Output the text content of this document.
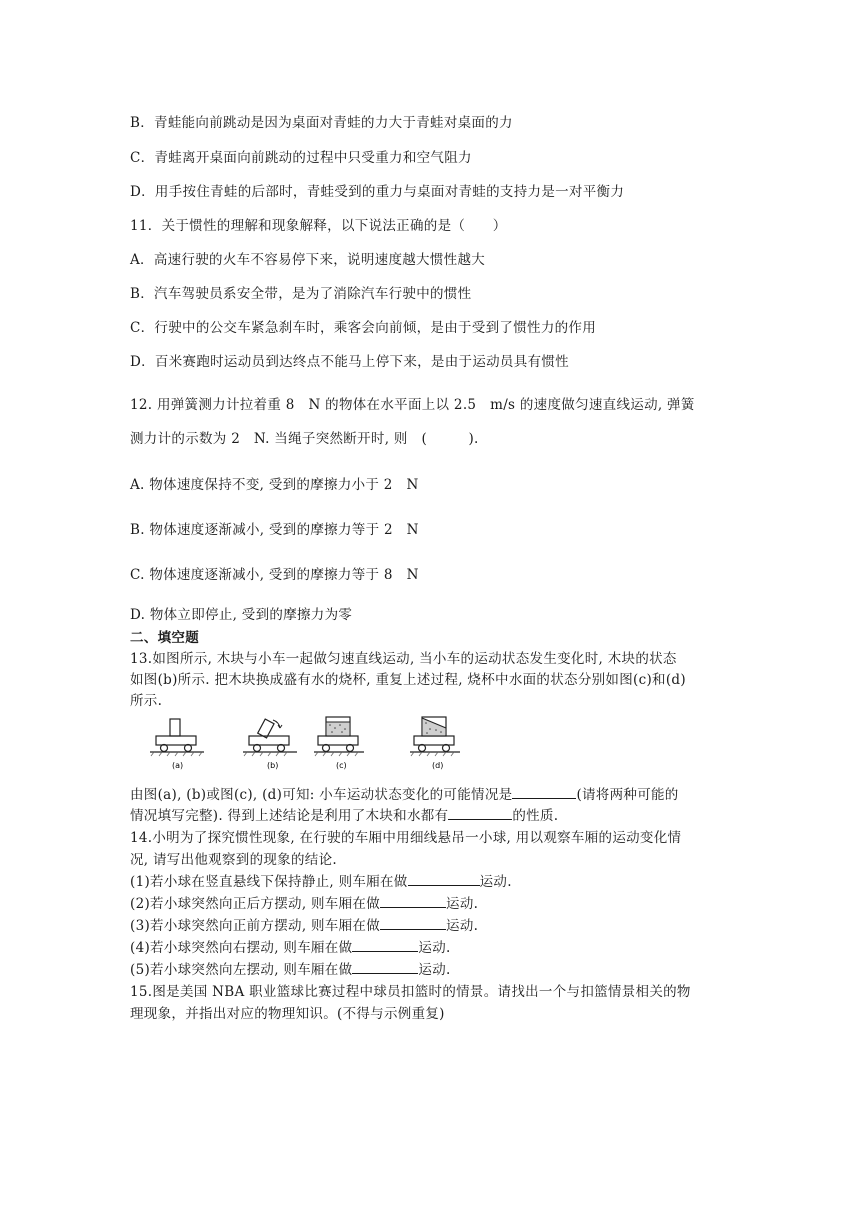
B．青蛙能向前跳动是因为桌面对青蛙的力大于青蛙对桌面的力
C．青蛙离开桌面向前跳动的过程中只受重力和空气阻力
D．用手按住青蛙的后部时，青蛙受到的重力与桌面对青蛙的支持力是一对平衡力
11．关于惯性的理解和现象解释，以下说法正确的是（　　）
A．高速行驶的火车不容易停下来，说明速度越大惯性越大
B．汽车驾驶员系安全带，是为了消除汽车行驶中的惯性
C．行驶中的公交车紧急刹车时，乘客会向前倾，是由于受到了惯性力的作用
D．百米赛跑时运动员到达终点不能马上停下来，是由于运动员具有惯性
12. 用弹簧测力计拉着重 8　N 的物体在水平面上以 2.5　m/s 的速度做匀速直线运动, 弹簧
测力计的示数为 2　N. 当绳子突然断开时, 则　(　　　).
A. 物体速度保持不变, 受到的摩擦力小于 2　N
B. 物体速度逐渐减小, 受到的摩擦力等于 2　N
C. 物体速度逐渐减小, 受到的摩擦力等于 8　N
D. 物体立即停止, 受到的摩擦力为零
二、填空题
13.如图所示, 木块与小车一起做匀速直线运动, 当小车的运动状态发生变化时, 木块的状态
如图(b)所示. 把木块换成盛有水的烧杯, 重复上述过程, 烧杯中水面的状态分别如图(c)和(d)
所示.
(a)	(b)	(c)	(d)
由图(a), (b)或图(c), (d)可知: 小车运动状态变化的可能情况是	(请将两种可能的
情况填写完整). 得到上述结论是利用了木块和水都有	的性质.
14.小明为了探究惯性现象, 在行驶的车厢中用细线悬吊一小球, 用以观察车厢的运动变化情
况, 请写出他观察到的现象的结论.
(1)若小球在竖直悬线下保持静止, 则车厢在做	运动.
(2)若小球突然向正后方摆动, 则车厢在做	运动.
(3)若小球突然向正前方摆动, 则车厢在做	运动.
(4)若小球突然向右摆动, 则车厢在做	运动.
(5)若小球突然向左摆动, 则车厢在做	运动.
15.图是美国 NBA 职业篮球比赛过程中球员扣篮时的情景。请找出一个与扣篮情景相关的物
理现象，并指出对应的物理知识。(不得与示例重复)
